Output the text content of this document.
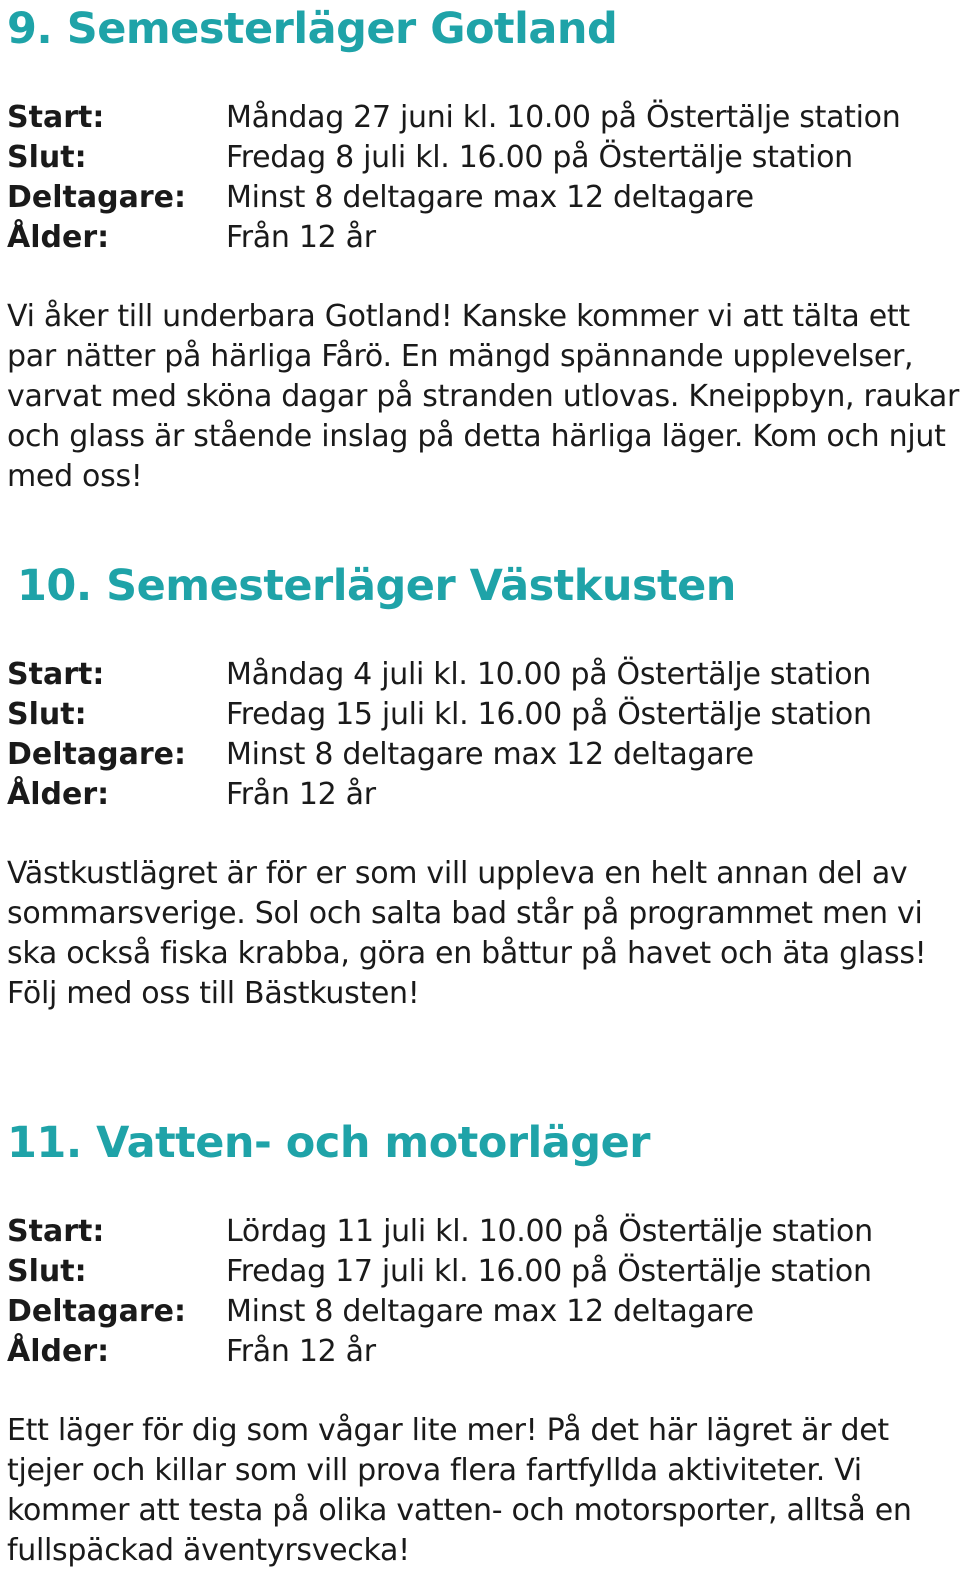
9. Semesterläger Gotland
Start:	Måndag 27 juni kl. 10.00 på Östertälje station
Slut:	Fredag 8 juli kl. 16.00 på Östertälje station
Deltagare:	Minst 8 deltagare max 12 deltagare
Ålder:	Från 12 år

Vi åker till underbara Gotland! Kanske kommer vi att tälta ett par nätter på härliga Fårö. En mängd spännande upplevelser, varvat med sköna dagar på stranden utlovas. Kneippbyn, raukar och glass är stående inslag på detta härliga läger. Kom och njut med oss!

10. Semesterläger Västkusten
Start:	Måndag 4 juli kl. 10.00 på Östertälje station
Slut:	Fredag 15 juli kl. 16.00 på Östertälje station
Deltagare:	Minst 8 deltagare max 12 deltagare
Ålder:	Från 12 år

Västkustlägret är för er som vill uppleva en helt annan del av sommarsverige. Sol och salta bad står på programmet men vi ska också fiska krabba, göra en båttur på havet och äta glass! Följ med oss till Bästkusten!

11. Vatten- och motorläger
Start:	Lördag 11 juli kl. 10.00 på Östertälje station
Slut:	Fredag 17 juli kl. 16.00 på Östertälje station
Deltagare:	Minst 8 deltagare max 12 deltagare
Ålder:	Från 12 år

Ett läger för dig som vågar lite mer! På det här lägret är det tjejer och killar som vill prova flera fartfyllda aktiviteter. Vi kommer att testa på olika vatten- och motorsporter, alltså en fullspäckad äventyrsvecka!
